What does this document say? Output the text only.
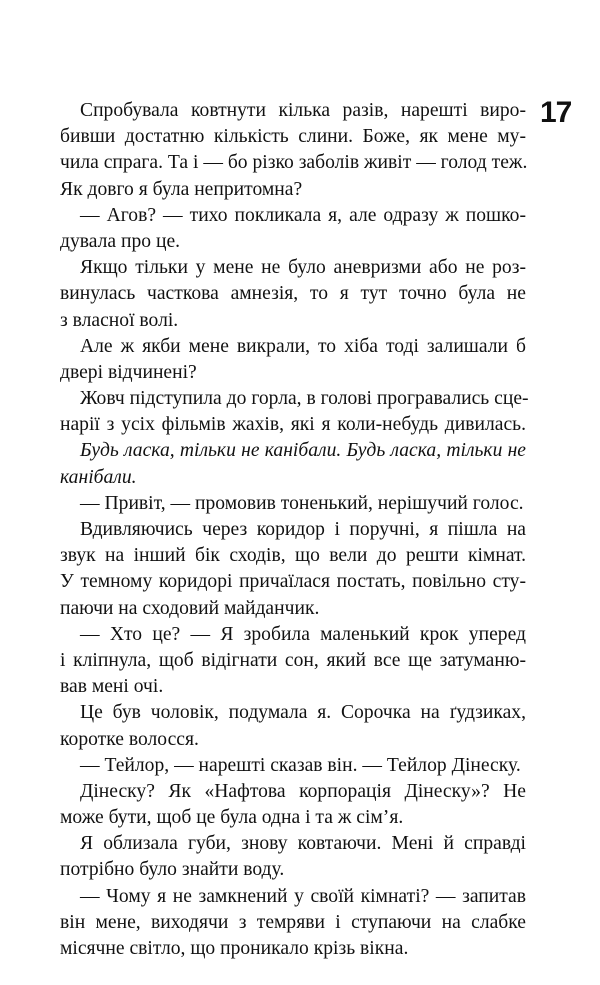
17
Спробувала ковтнути кілька разів, нарешті виро-
бивши достатню кількість слини. Боже, як мене му-
чила спрага. Та і — бо різко заболів живіт — голод теж.
Як довго я була непритомна?
— Агов? — тихо покликала я, але одразу ж пошко-
дувала про це.
Якщо тільки у мене не було аневризми або не роз-
винулась часткова амнезія, то я тут точно була не
з власної волі.
Але ж якби мене викрали, то хіба тоді залишали б
двері відчинені?
Жовч підступила до горла, в голові програвались сце-
нарії з усіх фільмів жахів, які я коли-небудь дивилась.
Будь ласка, тільки не канібали. Будь ласка, тільки не
канібали.
— Привіт, — промовив тоненький, нерішучий голос.
Вдивляючись через коридор і поручні, я пішла на
звук на інший бік сходів, що вели до решти кімнат.
У темному коридорі причаїлася постать, повільно сту-
паючи на сходовий майданчик.
— Хто це? — Я зробила маленький крок уперед
і кліпнула, щоб відігнати сон, який все ще затуманю-
вав мені очі.
Це був чоловік, подумала я. Сорочка на ґудзиках,
коротке волосся.
— Тейлор, — нарешті сказав він. — Тейлор Дінеску.
Дінеску? Як «Нафтова корпорація Дінеску»? Не
може бути, щоб це була одна і та ж сім’я.
Я облизала губи, знову ковтаючи. Мені й справді
потрібно було знайти воду.
— Чому я не замкнений у своїй кімнаті? — запитав
він мене, виходячи з темряви і ступаючи на слабке
місячне світло, що проникало крізь вікна.
